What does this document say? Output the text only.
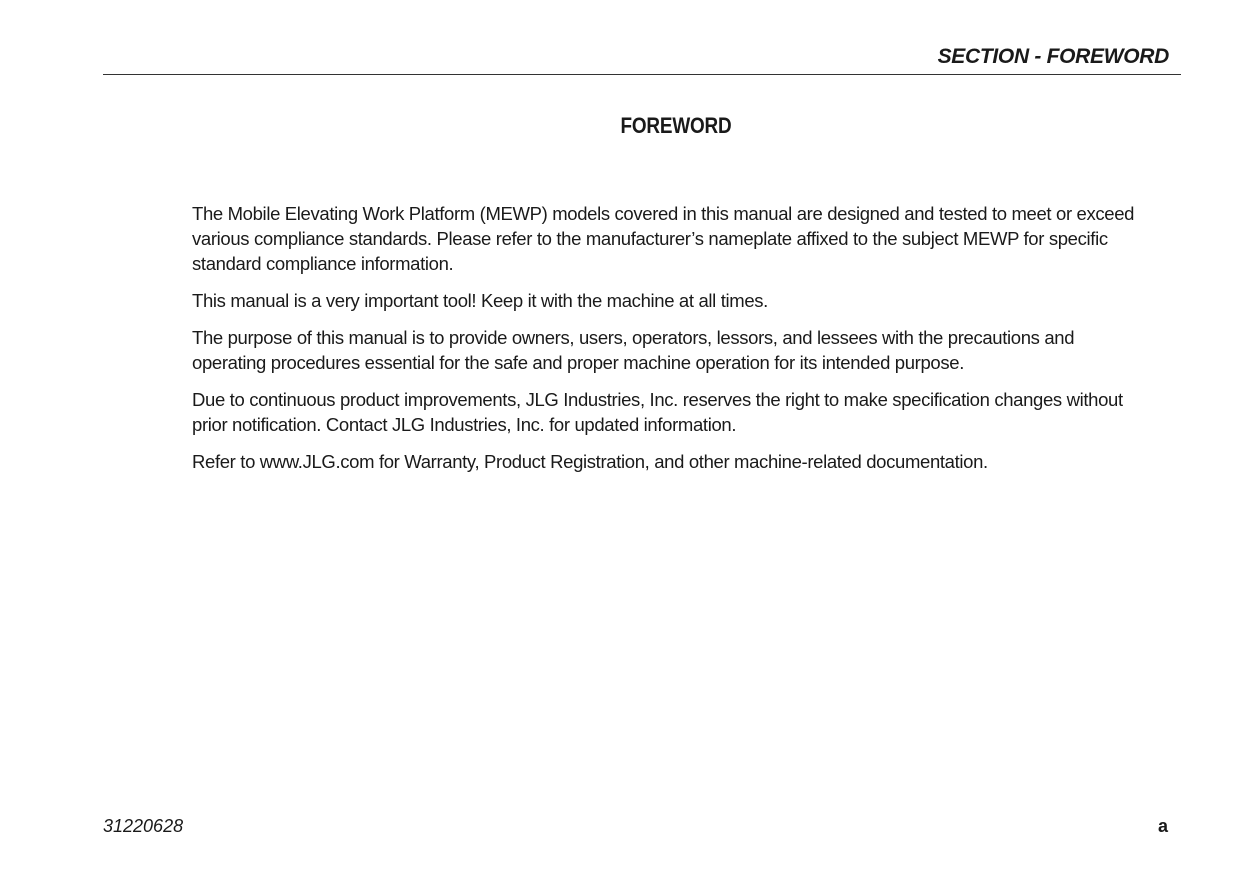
SECTION - FOREWORD
FOREWORD

The Mobile Elevating Work Platform (MEWP) models covered in this manual are designed and tested to meet or exceed various compliance standards. Please refer to the manufacturer’s nameplate affixed to the subject MEWP for specific standard compliance information.

This manual is a very important tool! Keep it with the machine at all times.

The purpose of this manual is to provide owners, users, operators, lessors, and lessees with the precautions and operating procedures essential for the safe and proper machine operation for its intended purpose.

Due to continuous product improvements, JLG Industries, Inc. reserves the right to make specification changes without prior notification. Contact JLG Industries, Inc. for updated information.

Refer to www.JLG.com for Warranty, Product Registration, and other machine-related documentation.

31220628	a
